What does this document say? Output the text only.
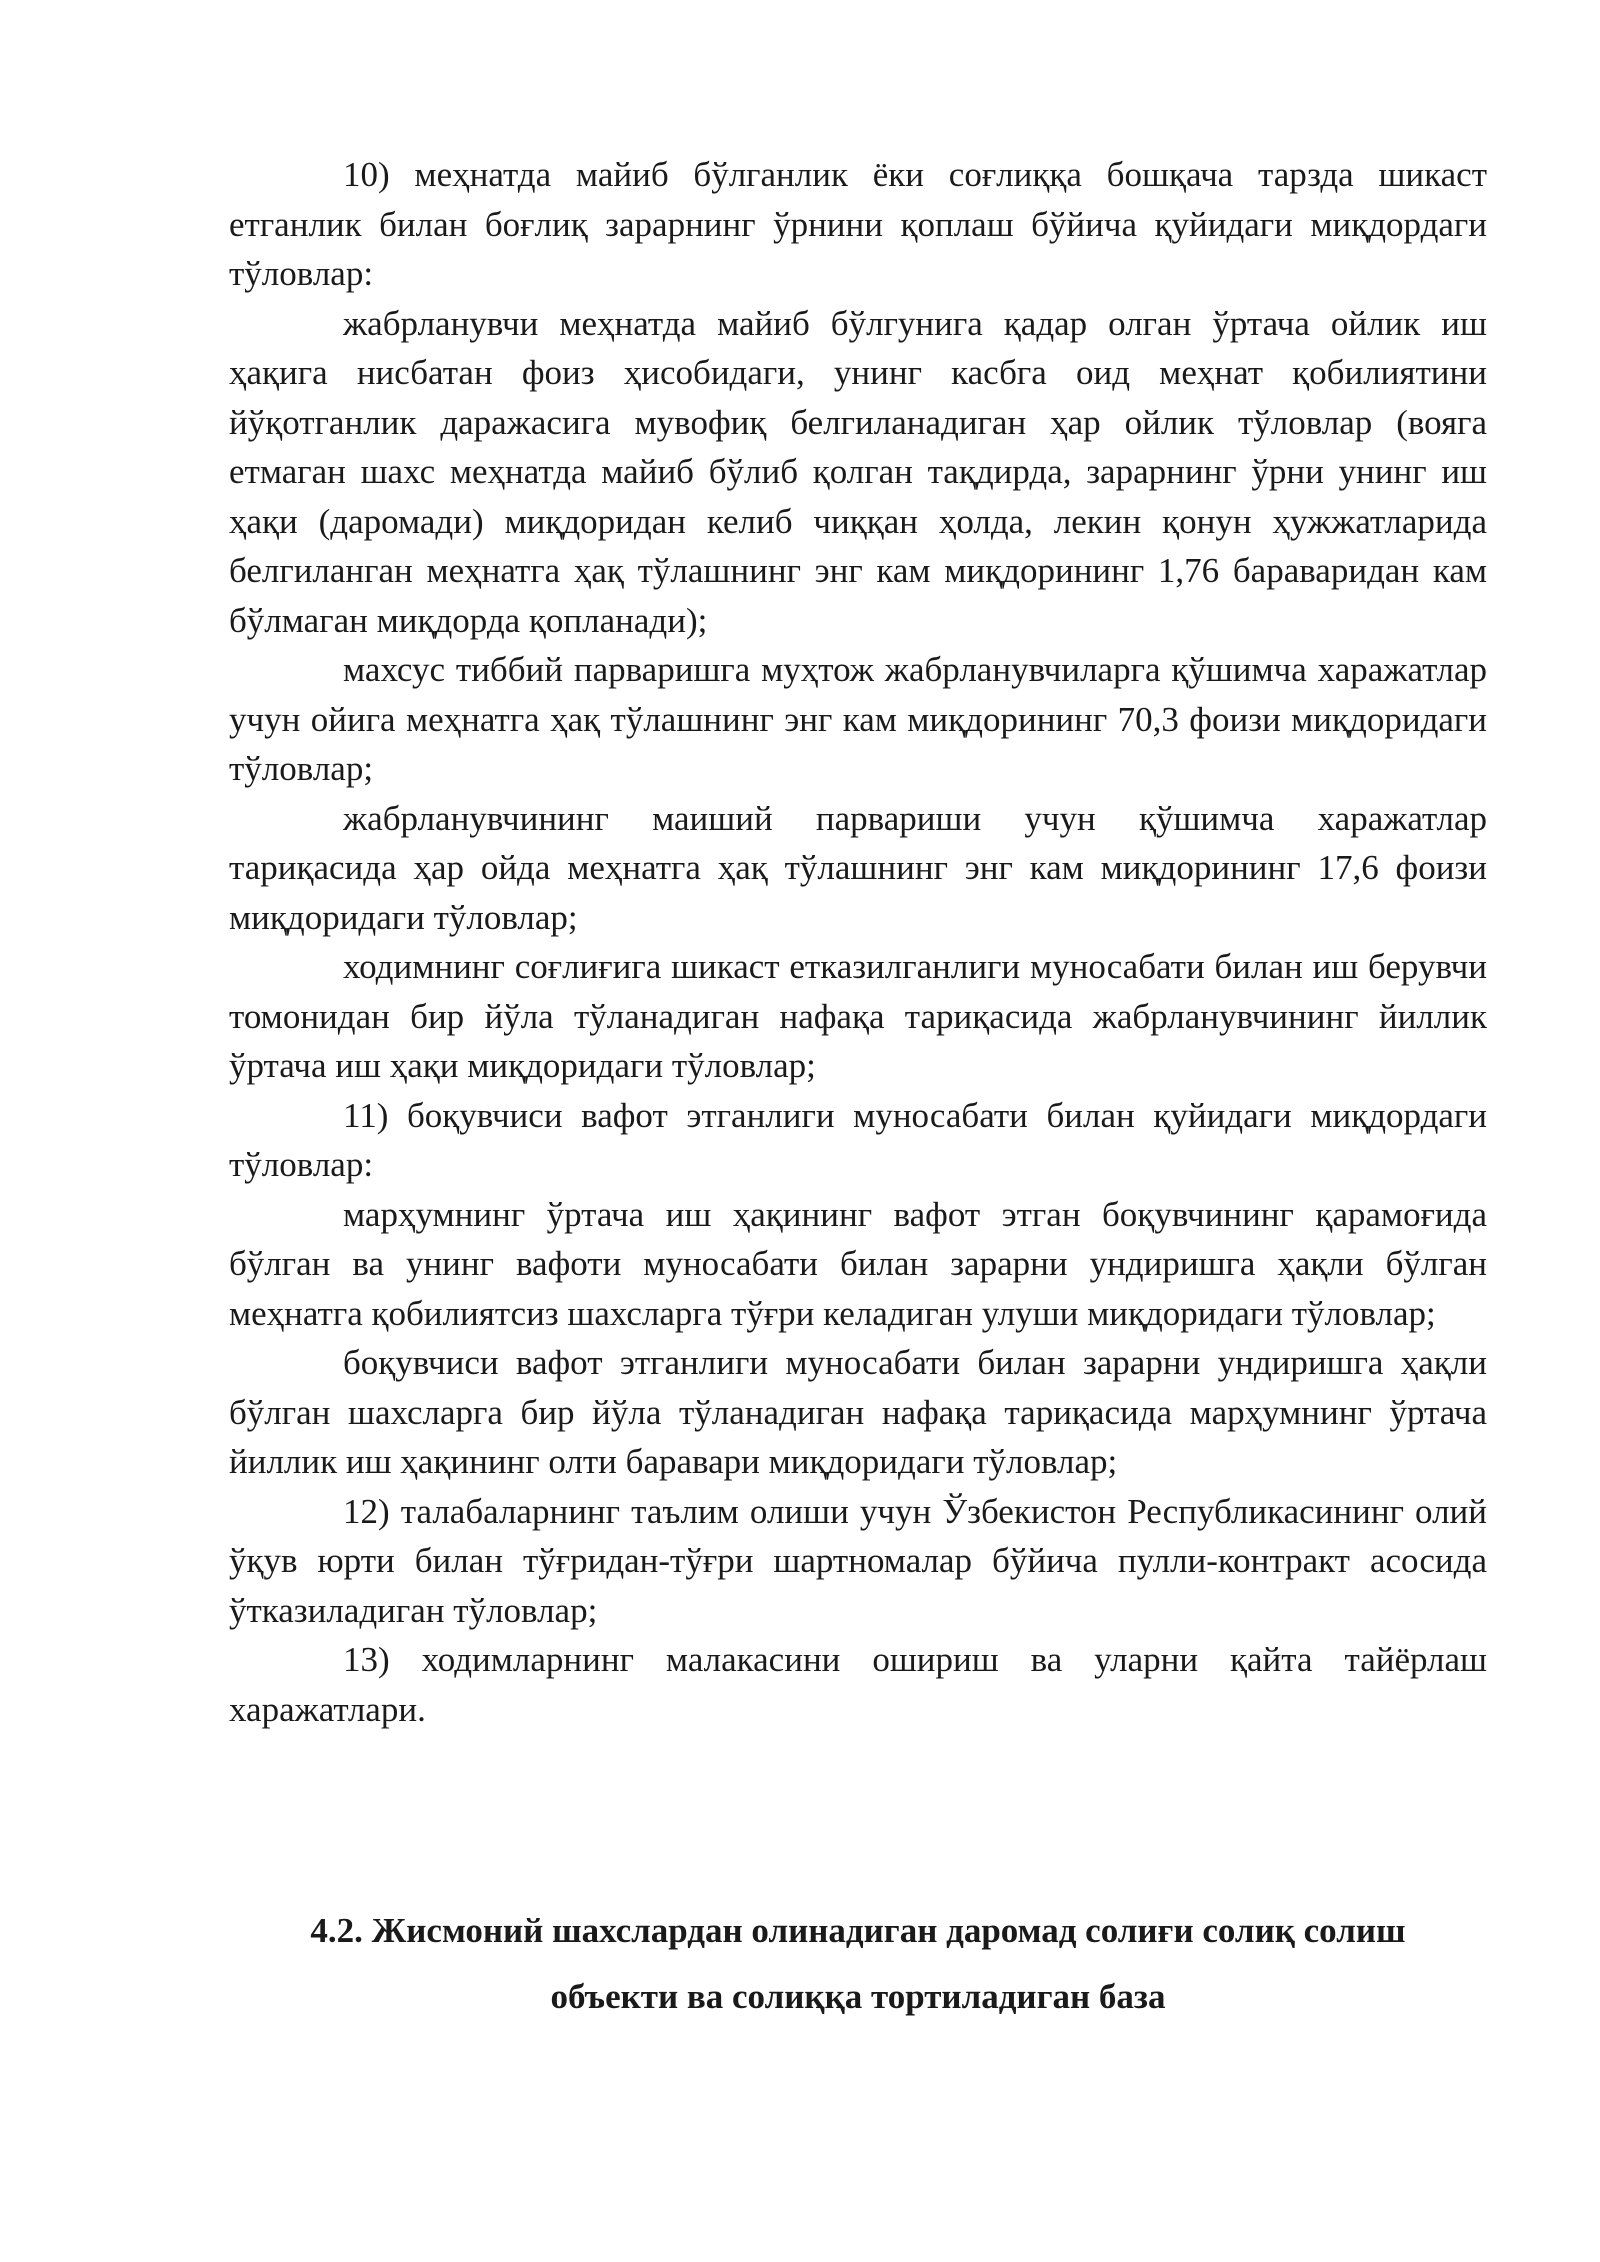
10) меҳнатда майиб бўлганлик ёки соғлиққа бошқача тарзда шикаст етганлик билан боғлиқ зарарнинг ўрнини қоплаш бўйича қуйидаги миқдордаги тўловлар:

жабрланувчи меҳнатда майиб бўлгунига қадар олган ўртача ойлик иш ҳақига нисбатан фоиз ҳисобидаги, унинг касбга оид меҳнат қобилиятини йўқотганлик даражасига мувофиқ белгиланадиган ҳар ойлик тўловлар (вояга етмаган шахс меҳнатда майиб бўлиб қолган тақдирда, зарарнинг ўрни унинг иш ҳақи (даромади) миқдоридан келиб чиққан ҳолда, лекин қонун ҳужжатларида белгиланган меҳнатга ҳақ тўлашнинг энг кам миқдорининг 1,76 бараваридан кам бўлмаган миқдорда қопланади);

махсус тиббий парваришга муҳтож жабрланувчиларга қўшимча харажатлар учун ойига меҳнатга ҳақ тўлашнинг энг кам миқдорининг 70,3 фоизи миқдоридаги тўловлар;

жабрланувчининг маиший парвариши учун қўшимча харажатлар тариқасида ҳар ойда меҳнатга ҳақ тўлашнинг энг кам миқдорининг 17,6 фоизи миқдоридаги тўловлар;

ходимнинг соғлиғига шикаст етказилганлиги муносабати билан иш берувчи томонидан бир йўла тўланадиган нафақа тариқасида жабрланувчининг йиллик ўртача иш ҳақи миқдоридаги тўловлар;

11) боқувчиси вафот этганлиги муносабати билан қуйидаги миқдордаги тўловлар:

марҳумнинг ўртача иш ҳақининг вафот этган боқувчининг қарамоғида бўлган ва унинг вафоти муносабати билан зарарни ундиришга ҳақли бўлган меҳнатга қобилиятсиз шахсларга тўғри келадиган улуши миқдоридаги тўловлар;

боқувчиси вафот этганлиги муносабати билан зарарни ундиришга ҳақли бўлган шахсларга бир йўла тўланадиган нафақа тариқасида марҳумнинг ўртача йиллик иш ҳақининг олти баравари миқдоридаги тўловлар;

12) талабаларнинг таълим олиши учун Ўзбекистон Республикасининг олий ўқув юрти билан тўғридан-тўғри шартномалар бўйича пулли-контракт асосида ўтказиладиган тўловлар;

13) ходимларнинг малакасини ошириш ва уларни қайта тайёрлаш харажатлари.

4.2. Жисмоний шахслардан олинадиган даромад солиғи солиқ солиш
объекти ва солиққа тортиладиган база
